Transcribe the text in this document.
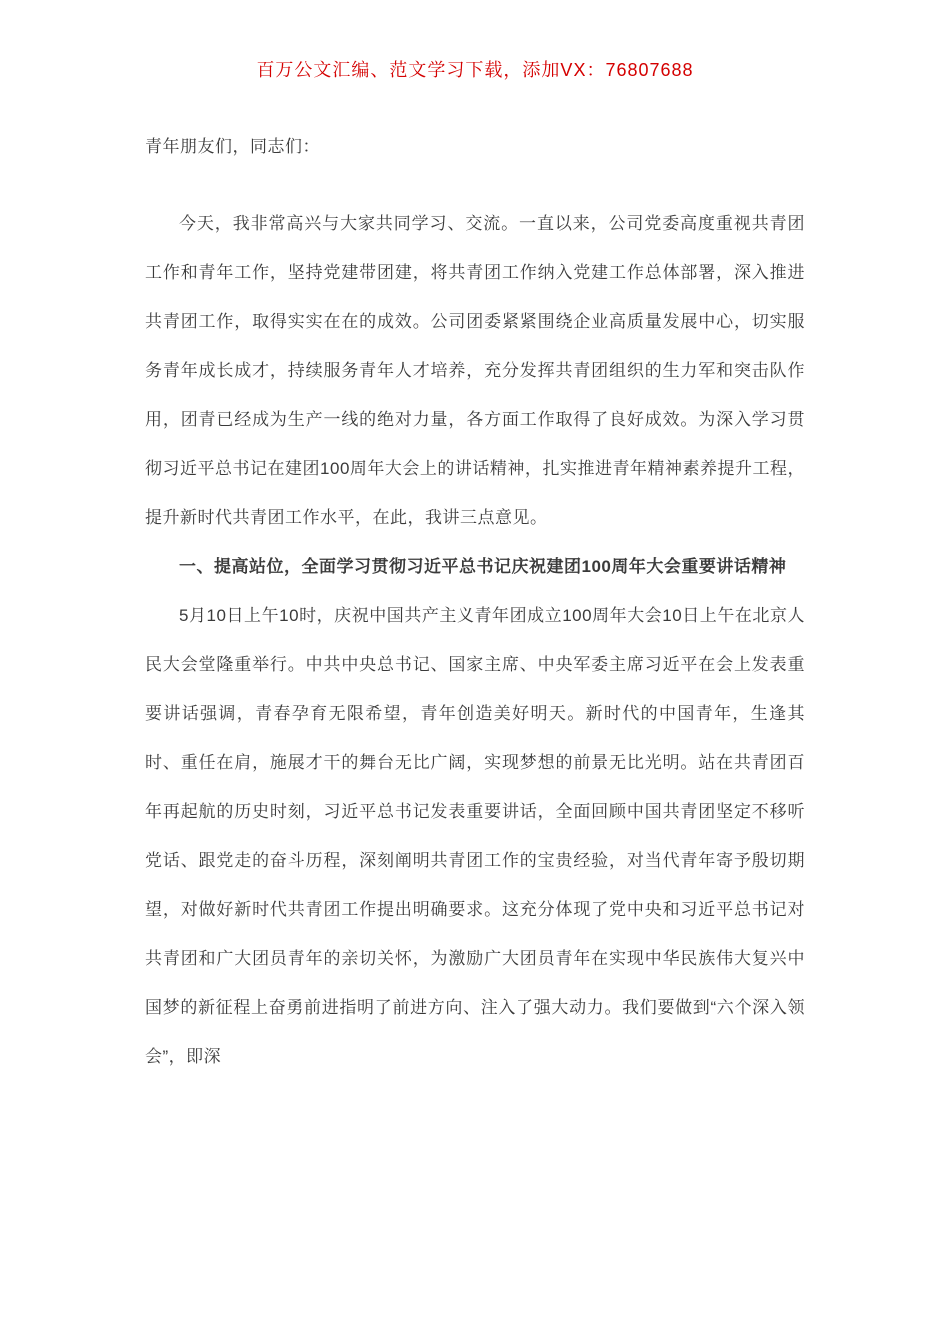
百万公文汇编、范文学习下载，添加VX：76807688

青年朋友们，同志们：

今天，我非常高兴与大家共同学习、交流。一直以来，公司党委高度重视共青团工作和青年工作，坚持党建带团建，将共青团工作纳入党建工作总体部署，深入推进共青团工作，取得实实在在的成效。公司团委紧紧围绕企业高质量发展中心，切实服务青年成长成才，持续服务青年人才培养，充分发挥共青团组织的生力军和突击队作用，团青已经成为生产一线的绝对力量，各方面工作取得了良好成效。为深入学习贯彻习近平总书记在建团100周年大会上的讲话精神，扎实推进青年精神素养提升工程，提升新时代共青团工作水平，在此，我讲三点意见。

一、提高站位，全面学习贯彻习近平总书记庆祝建团100周年大会重要讲话精神

5月10日上午10时，庆祝中国共产主义青年团成立100周年大会10日上午在北京人民大会堂隆重举行。中共中央总书记、国家主席、中央军委主席习近平在会上发表重要讲话强调，青春孕育无限希望，青年创造美好明天。新时代的中国青年，生逢其时、重任在肩，施展才干的舞台无比广阔，实现梦想的前景无比光明。站在共青团百年再起航的历史时刻，习近平总书记发表重要讲话，全面回顾中国共青团坚定不移听党话、跟党走的奋斗历程，深刻阐明共青团工作的宝贵经验，对当代青年寄予殷切期望，对做好新时代共青团工作提出明确要求。这充分体现了党中央和习近平总书记对共青团和广大团员青年的亲切关怀，为激励广大团员青年在实现中华民族伟大复兴中国梦的新征程上奋勇前进指明了前进方向、注入了强大动力。我们要做到“六个深入领会”，即深
